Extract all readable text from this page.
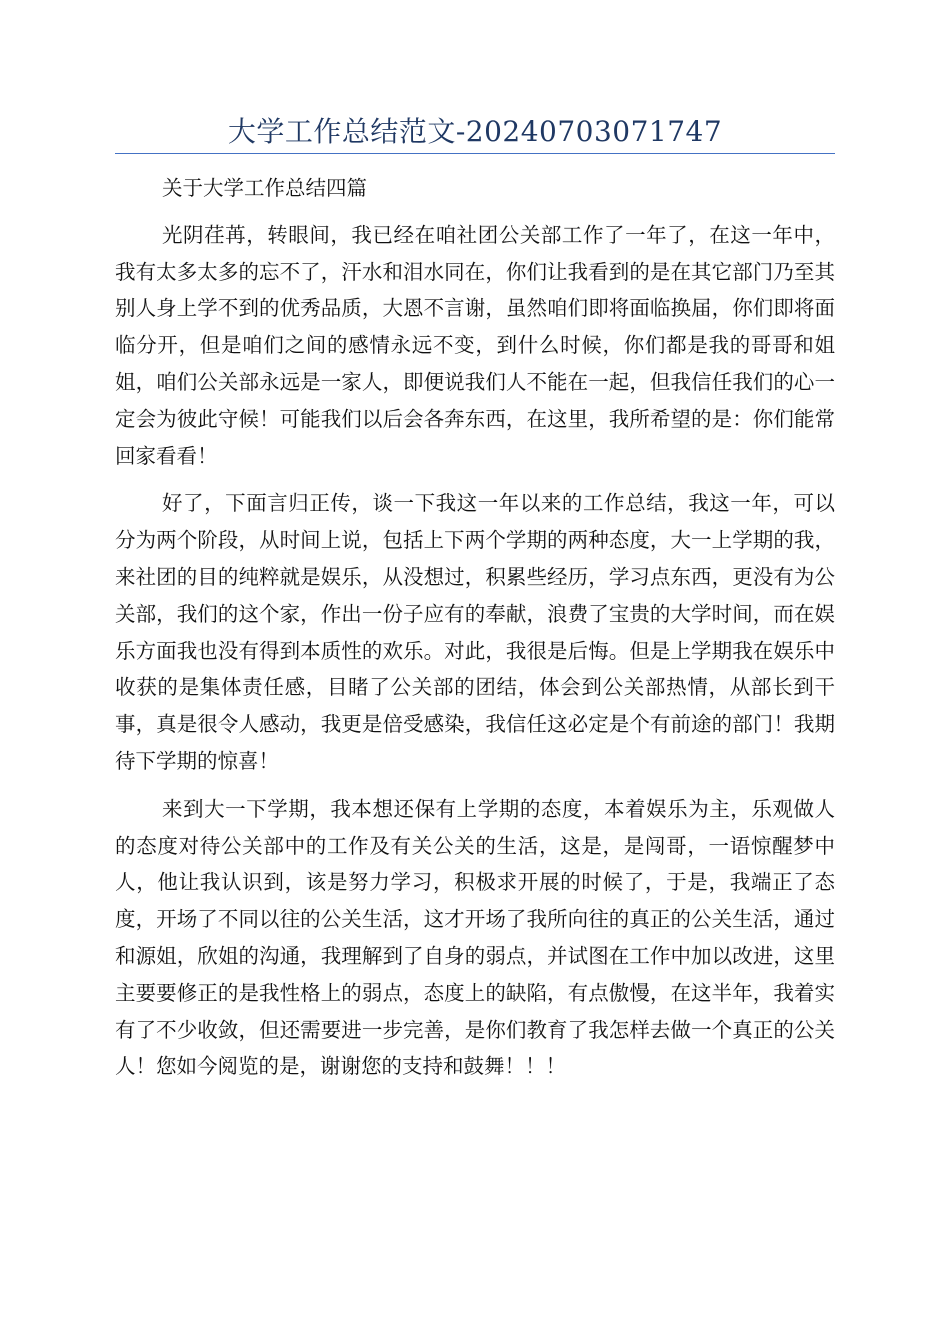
大学工作总结范文-20240703071747

关于大学工作总结四篇

光阴荏苒，转眼间，我已经在咱社团公关部工作了一年了，在这一年中，我有太多太多的忘不了，汗水和泪水同在，你们让我看到的是在其它部门乃至其别人身上学不到的优秀品质，大恩不言谢，虽然咱们即将面临换届，你们即将面临分开，但是咱们之间的感情永远不变，到什么时候，你们都是我的哥哥和姐姐，咱们公关部永远是一家人，即便说我们人不能在一起，但我信任我们的心一定会为彼此守候！可能我们以后会各奔东西，在这里，我所希望的是：你们能常回家看看！

好了，下面言归正传，谈一下我这一年以来的工作总结，我这一年，可以分为两个阶段，从时间上说，包括上下两个学期的两种态度，大一上学期的我，来社团的目的纯粹就是娱乐，从没想过，积累些经历，学习点东西，更没有为公关部，我们的这个家，作出一份子应有的奉献，浪费了宝贵的大学时间，而在娱乐方面我也没有得到本质性的欢乐。对此，我很是后悔。但是上学期我在娱乐中收获的是集体责任感，目睹了公关部的团结，体会到公关部热情，从部长到干事，真是很令人感动，我更是倍受感染，我信任这必定是个有前途的部门！我期待下学期的惊喜！

来到大一下学期，我本想还保有上学期的态度，本着娱乐为主，乐观做人的态度对待公关部中的工作及有关公关的生活，这是，是闯哥，一语惊醒梦中人，他让我认识到，该是努力学习，积极求开展的时候了，于是，我端正了态度，开场了不同以往的公关生活，这才开场了我所向往的真正的公关生活，通过和源姐，欣姐的沟通，我理解到了自身的弱点，并试图在工作中加以改进，这里主要要修正的是我性格上的弱点，态度上的缺陷，有点傲慢，在这半年，我着实有了不少收敛，但还需要进一步完善，是你们教育了我怎样去做一个真正的公关人！您如今阅览的是，谢谢您的支持和鼓舞！！！
